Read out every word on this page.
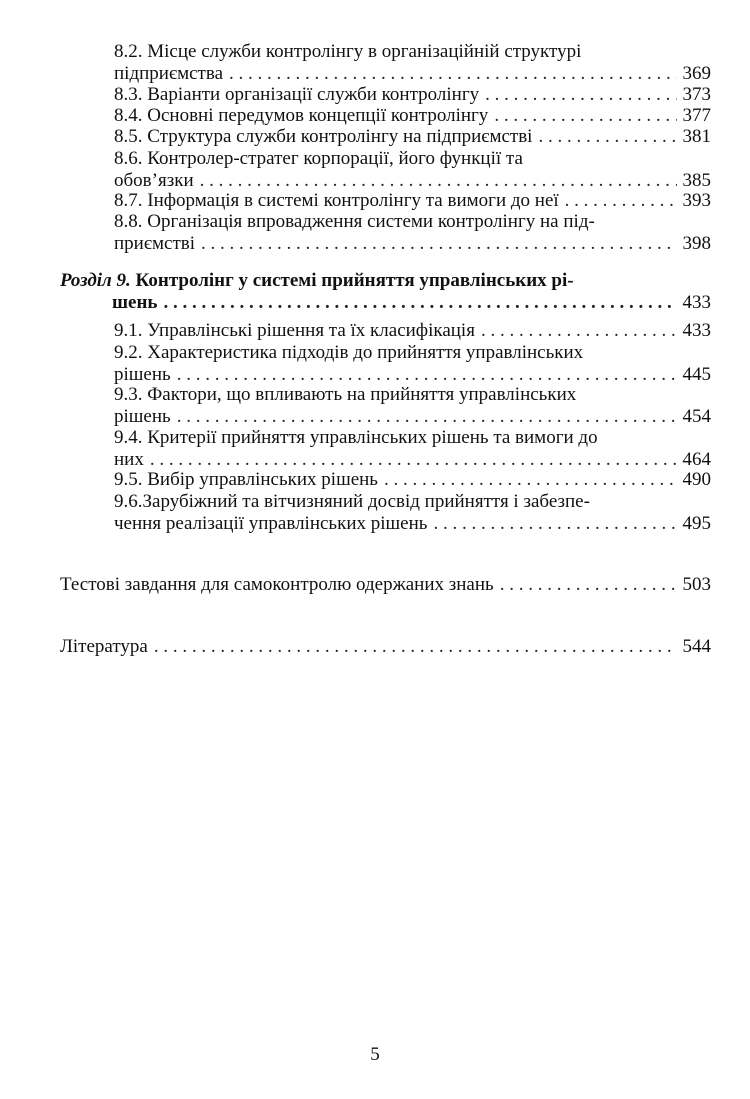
8.2. Місце служби контролінгу в організаційній структурі
підприємства . . .	369
8.3. Варіанти організації служби контролінгу . . .	373
8.4. Основні передумов концепції контролінгу . . .	377
8.5. Структура служби контролінгу на підприємстві . . .	381
8.6. Контролер-стратег корпорації, його функції та
обов’язки . . .	385
8.7. Інформація в системі контролінгу та вимоги до неї . . .	393
8.8. Організація впровадження системи контролінгу на під-
приємстві . . .	398
Розділ 9. Контролінг у системі прийняття управлінських рі-
шень . . .	433
9.1. Управлінські рішення та їх класифікація . . .	433
9.2. Характеристика підходів до прийняття управлінських
рішень . . .	445
9.3. Фактори, що впливають на прийняття управлінських
рішень . . .	454
9.4. Критерії прийняття управлінських рішень та вимоги до
них . . .	464
9.5. Вибір управлінських рішень . . .	490
9.6.Зарубіжний та вітчизняний досвід прийняття і забезпе-
чення реалізації управлінських рішень . . .	495
Тестові завдання для самоконтролю одержаних знань . . .	503
Література . . .	544
5
